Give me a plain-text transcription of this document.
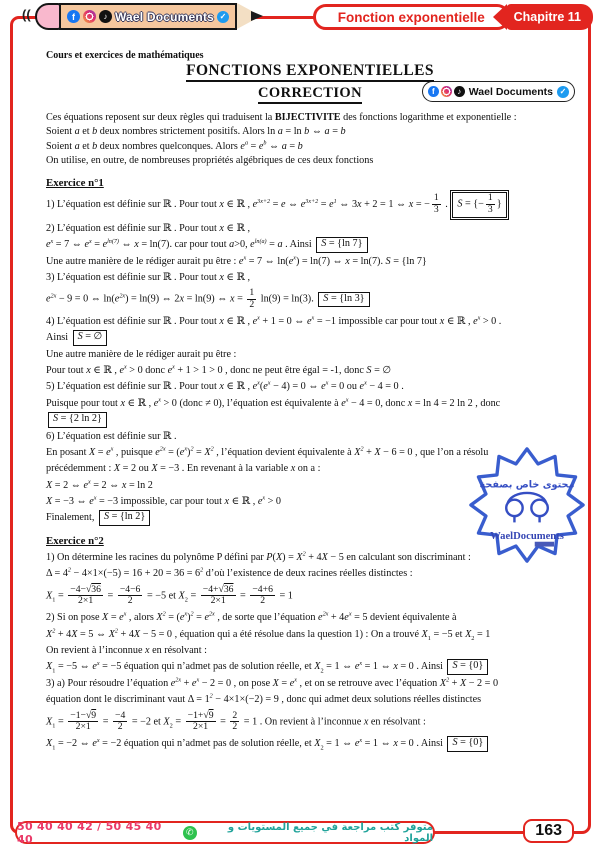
((	f	♪ Wael Documents ✓	Fonction exponentielle	Chapitre 11
f	♪ Wael Documents ✓
Cours et exercices de mathématiques
FONCTIONS EXPONENTIELLES
CORRECTION
Ces équations reposent sur deux règles qui traduisent la BIJECTIVITE des fonctions logarithme et exponentielle :
Soient a et b deux nombres strictement positifs. Alors ln a = ln b ⇔ a = b
Soient a et b deux nombres quelconques. Alors $e^a = e^b$ ⇔ a = b
On utilise, en outre, de nombreuses propriétés algébriques de ces deux fonctions
Exercice n°1
1) L’équation est définie sur ℝ . Pour tout x ∈ ℝ , $e^{3x+2} = e$ ⇔ $e^{3x+2} = e^1$ ⇔ 3x + 2 = 1 ⇔ x = − $\frac{1}{3}$ . S = {− $\frac{1}{3}$ }
2) L’équation est définie sur ℝ . Pour tout x ∈ ℝ ,
$e^x = 7$ ⇔ $e^x = e^{ln(7)}$ ⇔ x = ln(7). car pour tout a>0, $e^{ln(a)} = a$ . Ainsi S = {ln 7}
Une autre manière de le rédiger aurait pu être : $e^x = 7$ ⇔ $\ln(e^x) = \ln(7)$ ⇔ x = ln(7). S = {ln 7}
3) L’équation est définie sur ℝ . Pour tout x ∈ ℝ ,
$e^{2x} - 9 = 0$ ⇔ $\ln(e^{2x}) = \ln(9)$ ⇔ 2x = ln(9) ⇔ $x = \frac{1}{2} \ln(9) = \ln(3)$. S = {ln 3}
4) L’équation est définie sur ℝ . Pour tout x ∈ ℝ , $e^x + 1 = 0$ ⇔ $e^x = -1$ impossible car pour tout x ∈ ℝ , $e^x > 0$ .
Ainsi S = ∅
Une autre manière de le rédiger aurait pu être :
Pour tout x ∈ ℝ , $e^x > 0$ donc $e^x + 1 > 1 > 0$ , donc ne peut être égal = -1, donc S = ∅
5) L’équation est définie sur ℝ . Pour tout x ∈ ℝ , $e^x(e^x - 4) = 0$ ⇔ $e^x = 0$ ou $e^x - 4 = 0$ .
Puisque pour tout x ∈ ℝ , $e^x > 0$ (donc ≠ 0), l’équation est équivalente à $e^x - 4 = 0$, donc x = ln 4 = 2 ln 2 , donc
S = {2 ln 2}
6) L’équation est définie sur ℝ .
En posant $X = e^x$ , puisque $e^{2x} = (e^x)^2 = X^2$ , l’équation devient équivalente à $X^2 + X - 6 = 0$ , que l’on a résolu
précédemment : X = 2 ou X = −3 . En revenant à la variable x on a :
X = 2 ⇔ $e^x = 2$ ⇔ x = ln 2
X = −3 ⇔ $e^x = -3$ impossible, car pour tout x ∈ ℝ , $e^x > 0$
Finalement, S = {ln 2}
Exercice n°2
1) On détermine les racines du polynôme P défini par $P(X) = X^2 + 4X - 5$ en calculant son discriminant :
$\Delta = 4^2 - 4\times 1\times(-5) = 16 + 20 = 36 = 6^2$ d’où l’existence de deux racines réelles distinctes :
$X_1 = \frac{-4-√36}{2\times 1} = \frac{-4-6}{2} = -5$ et $X_2 = \frac{-4+√36}{2\times 1} = \frac{-4+6}{2} = 1$
2) Si on pose $X = e^x$ , alors $X^2 = (e^x)^2 = e^{2x}$ , de sorte que l’équation $e^{2x} + 4e^x = 5$ devient équivalente à
$X^2 + 4X = 5$ ⇔ $X^2 + 4X - 5 = 0$ , équation qui a été résolue dans la question 1) : On a trouvé $X_1 = -5$ et $X_2 = 1$
On revient à l’inconnue x en résolvant :
$X_1 = -5$ ⇔ $e^x = -5$ équation qui n’admet pas de solution réelle, et $X_2 = 1$ ⇔ $e^x = 1$ ⇔ x = 0 . Ainsi S = {0}
3) a) Pour résoudre l’équation $e^{2x} + e^x - 2 = 0$ , on pose $X = e^x$ , et on se retrouve avec l’équation $X^2 + X - 2 = 0$
équation dont le discriminant vaut $\Delta = 1^2 - 4\times 1\times(-2) = 9$ , donc qui admet deux solutions réelles distinctes
$X_1 = \frac{-1-√9}{2\times 1} = \frac{-4}{2} = -2$ et $X_2 = \frac{-1+√9}{2\times 1} = \frac{2}{2} = 1$ . On revient à l’inconnue x en résolvant :
$X_1 = -2$ ⇔ $e^x = -2$ équation qui n’admet pas de solution réelle, et $X_2 = 1$ ⇔ $e^x = 1$ ⇔ x = 0 . Ainsi S = {0}
محتوى خاص بصفحة
WaelDocuments
50 40 40 42 / 50 45 40 40
✆	متوفر كتب مراجعة في جميع المستويات و المواد	163
